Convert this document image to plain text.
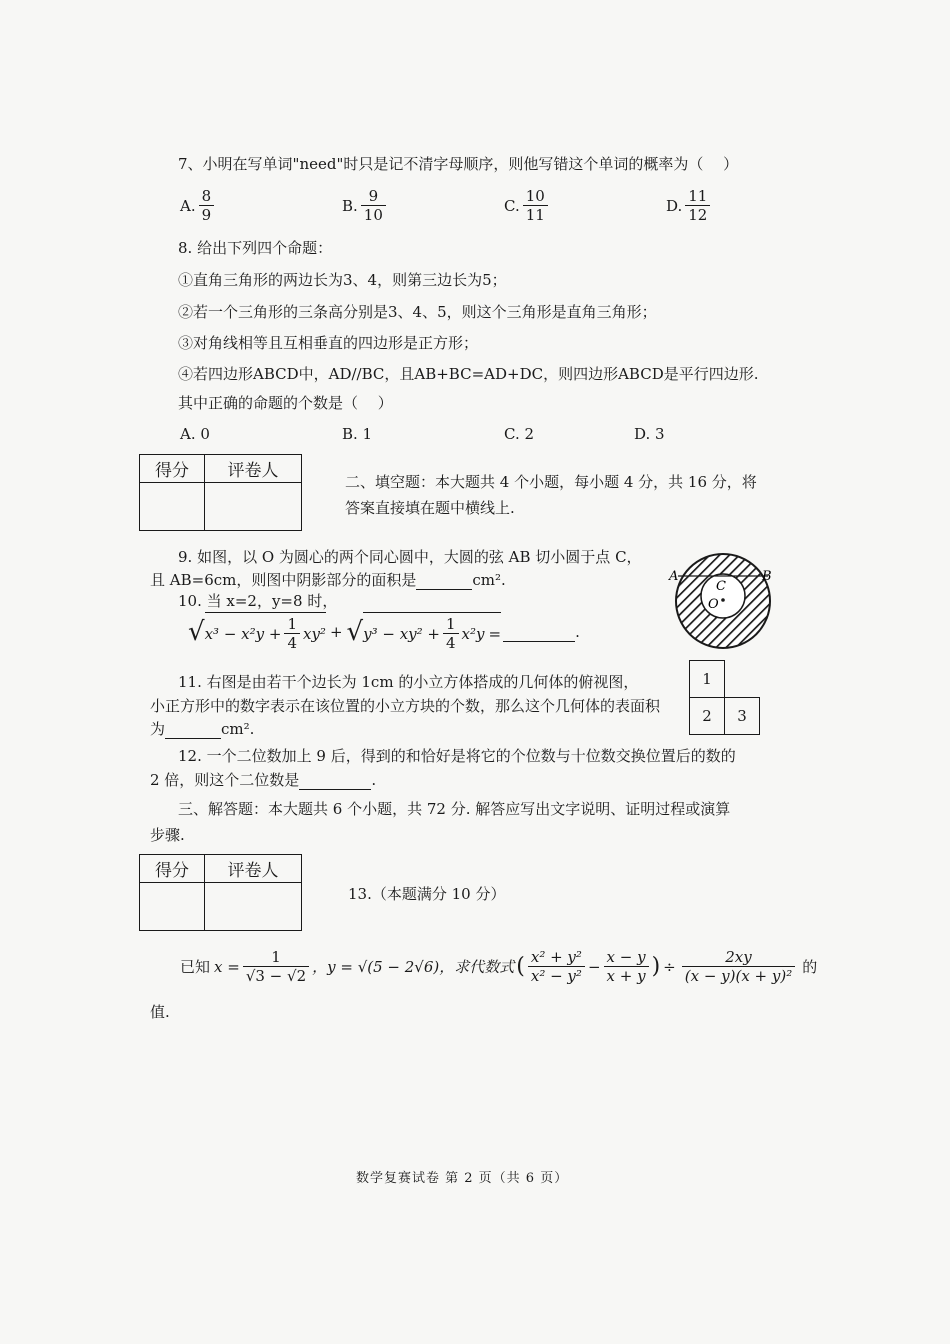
7、小明在写单词"need"时只是记不清字母顺序，则他写错这个单词的概率为（　 ）
A. $\frac{8}{9}$	B. $\frac{9}{10}$	C. $\frac{10}{11}$	D. $\frac{11}{12}$
8. 给出下列四个命题：
①直角三角形的两边长为3、4，则第三边长为5；
②若一个三角形的三条高分别是3、4、5，则这个三角形是直角三角形；
③对角线相等且互相垂直的四边形是正方形；
④若四边形ABCD中，AD//BC，且AB+BC=AD+DC，则四边形ABCD是平行四边形.
其中正确的命题的个数是（　 ）
A. 0	B. 1	C. 2	D. 3
得分	评卷人

二、填空题：本大题共 4 个小题，每小题 4 分，共 16 分，将
答案直接填在题中横线上.
9. 如图，以 O 为圆心的两个同心圆中，大圆的弦 AB 切小圆于点 C，
且 AB=6cm，则图中阴影部分的面积是	cm².	A	B
C
O
10. 当 x=2，y=8 时，
√ $x^3 - x^2y + \frac{1}{4} xy^2$ + √ $y^3 - xy^2 + \frac{1}{4} x^2y$ =	.
11. 右图是由若干个边长为 1cm 的小立方体搭成的几何体的俯视图，
小正方形中的数字表示在该位置的小立方块的个数，那么这个几何体的表面积
为	cm².
1
2	3
12. 一个二位数加上 9 后，得到的和恰好是将它的个位数与十位数交换位置后的数的
2 倍，则这个二位数是	.
三、解答题：本大题共 6 个小题，共 72 分. 解答应写出文字说明、证明过程或演算
步骤.
得分	评卷人

13.（本题满分 10 分）
已知 $x = \frac{1}{√3 - √2}$ ，y = √(5 − 2√6)，求代数式 ( $\frac{\text{x² + y²}}{\text{x² − y²}} - \frac{x - y}{x + y}$ ) ÷ $\frac{2xy}{\text{(x − y)(x + y)²}}$ 的
值.
数学复赛试卷 第 2 页（共 6 页）
